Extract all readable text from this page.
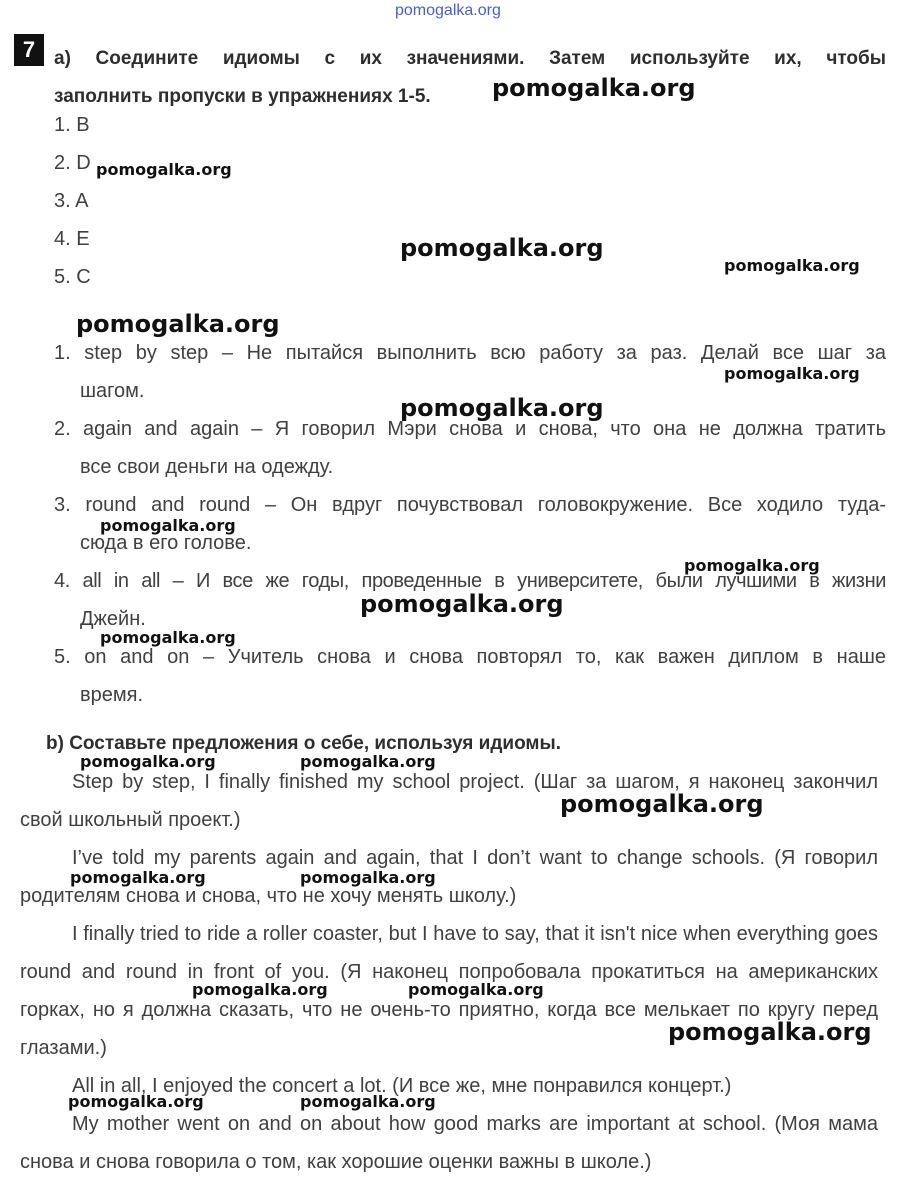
pomogalka.org
7 a) Соедините идиомы с их значениями. Затем используйте их, чтобы
заполнить пропуски в упражнениях 1-5.
1. B
2. D
3. A
4. E
5. C
1. step by step – Не пытайся выполнить всю работу за раз. Делай все шаг за
шагом.
2. again and again – Я говорил Мэри снова и снова, что она не должна тратить
все свои деньги на одежду.
3. round and round – Он вдруг почувствовал головокружение. Все ходило туда-
сюда в его голове.
4. all in all – И все же годы, проведенные в университете, были лучшими в жизни
Джейн.
5. on and on – Учитель снова и снова повторял то, как важен диплом в наше
время.
b) Составьте предложения о себе, используя идиомы.
Step by step, I finally finished my school project. (Шаг за шагом, я наконец закончил свой школьный проект.)
I’ve told my parents again and again, that I don’t want to change schools. (Я говорил родителям снова и снова, что не хочу менять школу.)
I finally tried to ride a roller coaster, but I have to say, that it isn't nice when everything goes round and round in front of you. (Я наконец попробовала прокатиться на американских горках, но я должна сказать, что не очень-то приятно, когда все мелькает по кругу перед глазами.)
All in all, I enjoyed the concert a lot. (И все же, мне понравился концерт.)
My mother went on and on about how good marks are important at school. (Моя мама снова и снова говорила о том, как хорошие оценки важны в школе.)
pomogalka.org
pomogalka.org
pomogalka.org
pomogalka.org
pomogalka.org
pomogalka.org
pomogalka.org
pomogalka.org
pomogalka.org
pomogalka.org
pomogalka.org
pomogalka.org	pomogalka.org
pomogalka.org
pomogalka.org	pomogalka.org
pomogalka.org	pomogalka.org
pomogalka.org
pomogalka.org	pomogalka.org
